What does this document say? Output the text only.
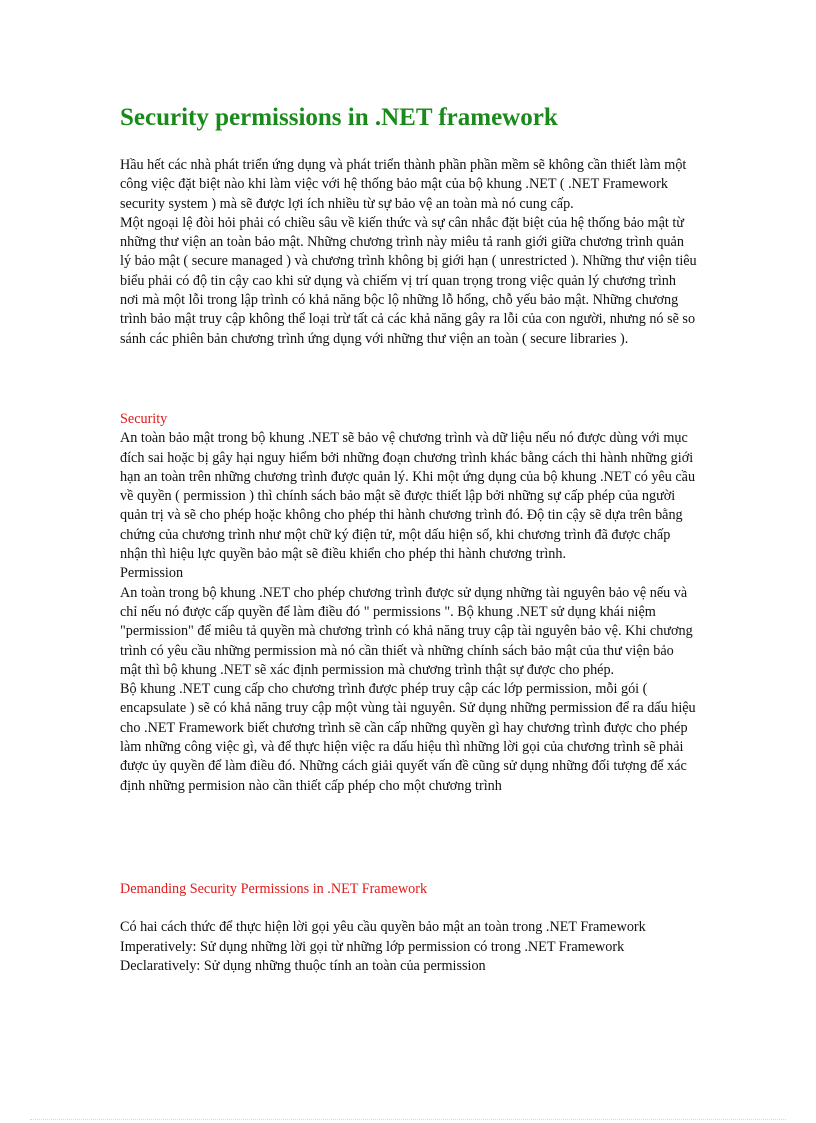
Security permissions in .NET framework

Hầu hết các nhà phát triển ứng dụng và phát triển thành phần phần mềm sẽ không cần thiết làm một công việc đặt biệt nào khi làm việc với hệ thống bảo mật của bộ khung .NET ( .NET Framework security system ) mà sẽ được lợi ích nhiều từ sự bảo vệ an toàn mà nó cung cấp.

Một ngoại lệ đòi hỏi phải có chiều sâu về kiến thức và sự cân nhắc đặt biệt của hệ thống bảo mật từ những thư viện an toàn bảo mật. Những chương trình này miêu tả ranh giới giữa chương trình quản lý bảo mật ( secure managed ) và chương trình không bị giới hạn ( unrestricted ). Những thư viện tiêu biểu phải có độ tin cậy cao khi sử dụng và chiếm vị trí quan trọng trong việc quản lý chương trình nơi mà một lỗi trong lập trình có khả năng bộc lộ những lỗ hổng, chỗ yếu bảo mật. Những chương trình bảo mật truy cập không thể loại trừ tất cả các khả năng gây ra lỗi của con người, nhưng nó sẽ so sánh các phiên bản chương trình ứng dụng với những thư viện an toàn ( secure libraries ).

Security

An toàn bảo mật trong bộ khung .NET sẽ bảo vệ chương trình và dữ liệu nếu nó được dùng với mục đích sai hoặc bị gây hại nguy hiểm bởi những đoạn chương trình khác bằng cách thi hành những giới hạn an toàn trên những chương trình được quản lý. Khi một ứng dụng của bộ khung .NET có yêu cầu về quyền ( permission ) thì chính sách bảo mật sẽ được thiết lập bởi những sự cấp phép của người quản trị và sẽ cho phép hoặc không cho phép thi hành chương trình đó. Độ tin cậy sẽ dựa trên bằng chứng của chương trình như một chữ ký điện tử, một dấu hiện số, khi chương trình đã được chấp nhận thì hiệu lực quyền bảo mật sẽ điều khiển cho phép thi hành chương trình.

Permission

An toàn trong bộ khung .NET cho phép chương trình được sử dụng những tài nguyên bảo vệ nếu và chỉ nếu nó được cấp quyền để làm điều đó " permissions ". Bộ khung .NET sử dụng khái niệm "permission" để miêu tả quyền mà chương trình có khả năng truy cập tài nguyên bảo vệ. Khi chương trình có yêu cầu những permission mà nó cần thiết và những chính sách bảo mật của thư viện bảo mật thì bộ khung .NET sẽ xác định permission mà chương trình thật sự được cho phép.

Bộ khung .NET cung cấp cho chương trình được phép truy cập các lớp permission, mỗi gói ( encapsulate ) sẽ có khả năng truy cập một vùng tài nguyên. Sử dụng những permission để ra dấu hiệu cho .NET Framework biết chương trình sẽ cần cấp những quyền gì hay chương trình được cho phép làm những công việc gì, và để thực hiện việc ra dấu hiệu thì những lời gọi của chương trình sẽ phải được ủy quyền để làm điều đó. Những cách giải quyết vấn đề cũng sử dụng những đối tượng để xác định những permision nào cần thiết cấp phép cho một chương trình

Demanding Security Permissions in .NET Framework

Có hai cách thức để thực hiện lời gọi yêu cầu quyền bảo mật an toàn trong .NET Framework

Imperatively: Sử dụng những lời gọi từ những lớp permission có trong .NET Framework

Declaratively: Sử dụng những thuộc tính an toàn của permission
